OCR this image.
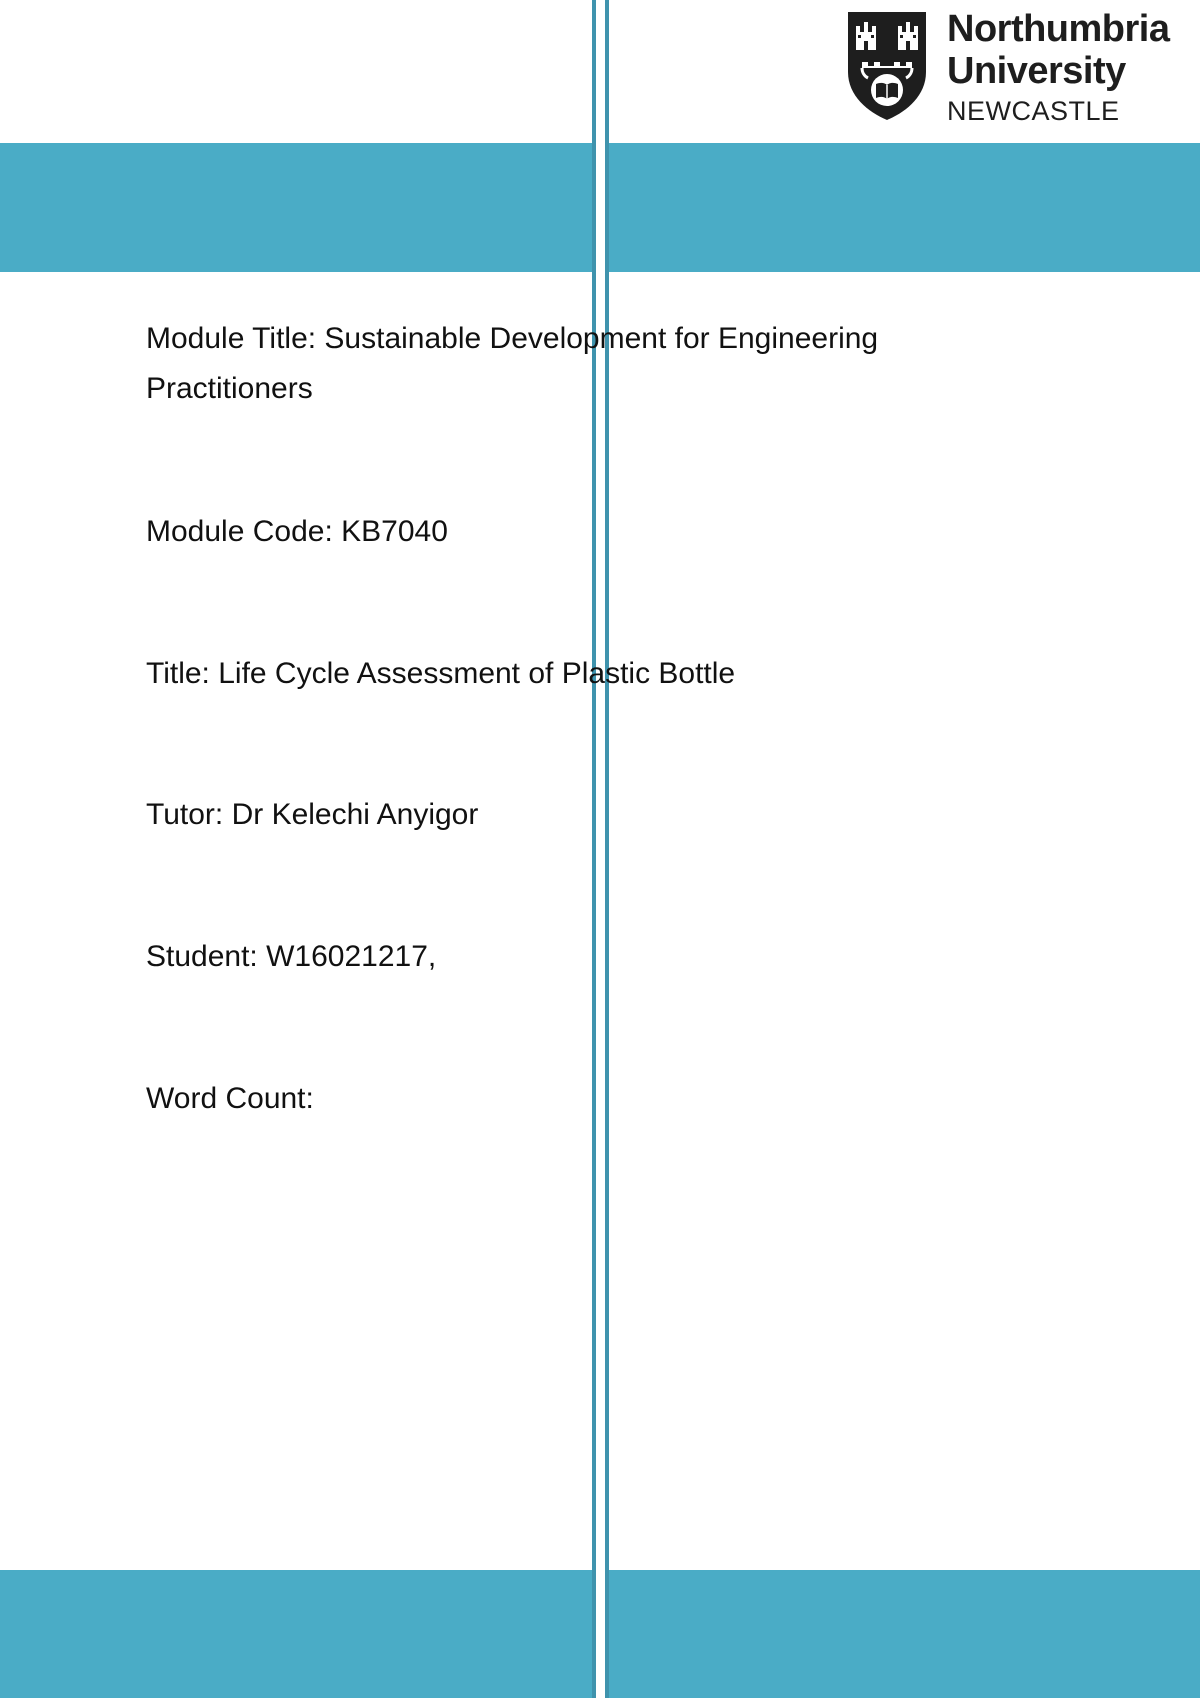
Northumbria
University
NEWCASTLE
Module Title: Sustainable Development for Engineering
Practitioners
Module Code: KB7040
Title: Life Cycle Assessment of Plastic Bottle
Tutor: Dr Kelechi Anyigor
Student: W16021217,
Word Count:
